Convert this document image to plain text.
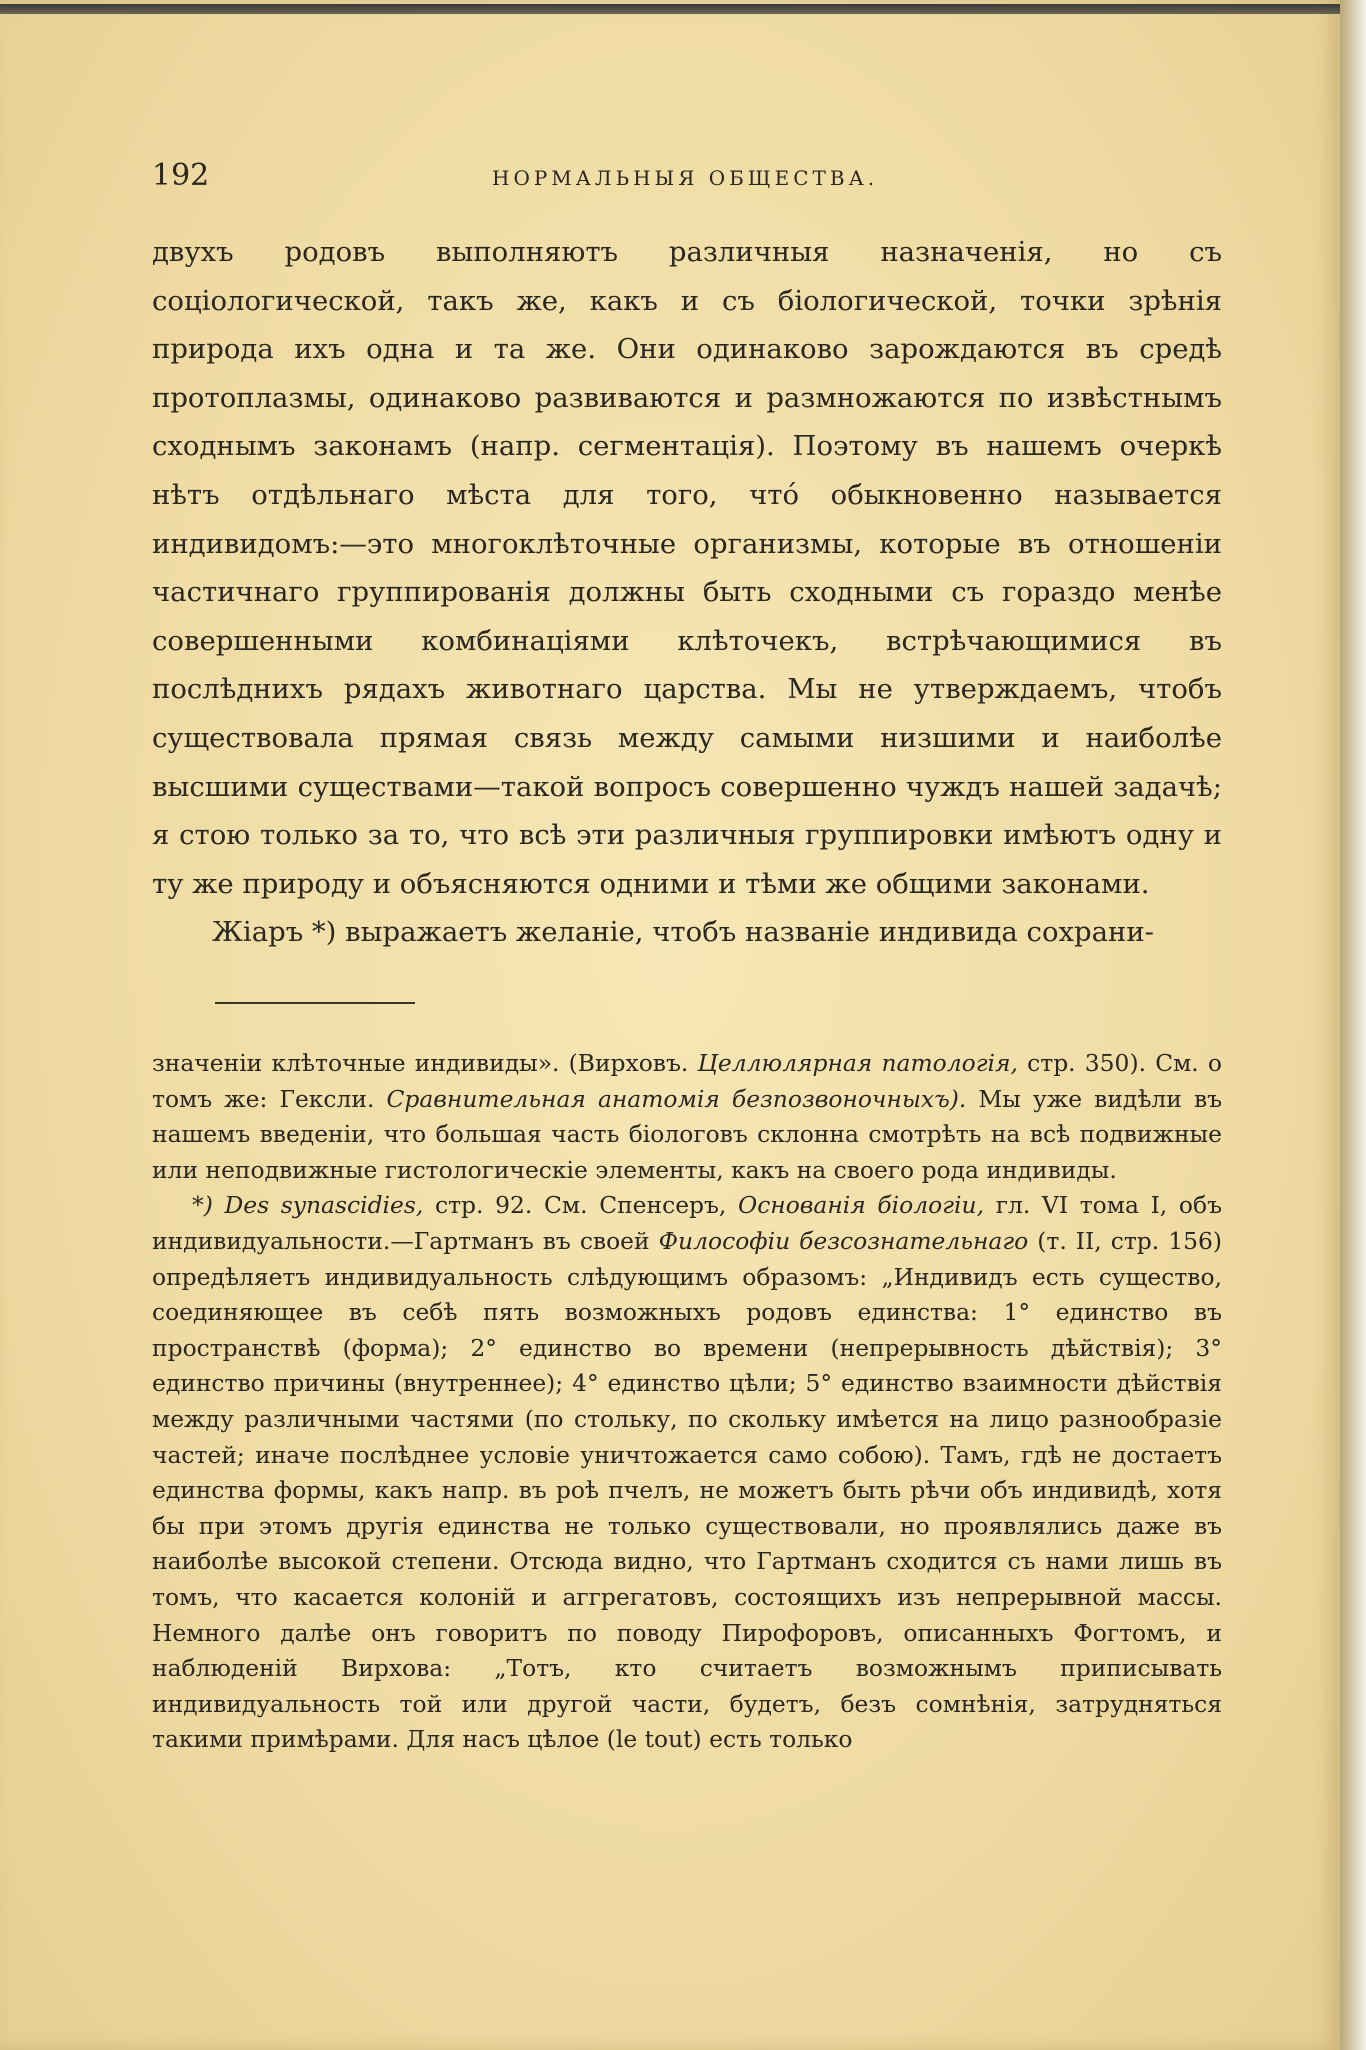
192	НОРМАЛЬНЫЯ ОБЩЕСТВА.

двухъ родовъ выполняютъ различныя назначенія, но съ соціологической, такъ же, какъ и съ біологической, точки зрѣнія природа ихъ одна и та же. Они одинаково зарождаются въ средѣ протоплазмы, одинаково развиваются и размножаются по извѣстнымъ сходнымъ законамъ (напр. сегментація). Поэтому въ нашемъ очеркѣ нѣтъ отдѣльнаго мѣста для того, что́ обыкновенно называется индивидомъ:—это многоклѣточные организмы, которые въ отношеніи частичнаго группированія должны быть сходными съ гораздо менѣе совершенными комбинаціями клѣточекъ, встрѣчающимися въ послѣднихъ рядахъ животнаго царства. Мы не утверждаемъ, чтобъ существовала прямая связь между самыми низшими и наиболѣе высшими существами—такой вопросъ совершенно чуждъ нашей задачѣ; я стою только за то, что всѣ эти различныя группировки имѣютъ одну и ту же природу и объясняются одними и тѣми же общими законами.

Жіаръ *) выражаетъ желаніе, чтобъ названіе индивида сохрани-

значеніи клѣточные индивиды». (Вирховъ. Целлюлярная патологія, стр. 350). См. о томъ же: Гексли. Сравнительная анатомія безпозвоночныхъ). Мы уже видѣли въ нашемъ введеніи, что большая часть біологовъ склонна смотрѣть на всѣ подвижные или неподвижные гистологическіе элементы, какъ на своего рода индивиды.

*) Des synascidies, стр. 92. См. Спенсеръ, Основанія біологіи, гл. VI тома I, объ индивидуальности.—Гартманъ въ своей Философіи безсознательнаго (т. II, стр. 156) опредѣляетъ индивидуальность слѣдующимъ образомъ: „Индивидъ есть существо, соединяющее въ себѣ пять возможныхъ родовъ единства: 1° единство въ пространствѣ (форма); 2° единство во времени (непрерывность дѣйствія); 3° единство причины (внутреннее); 4° единство цѣли; 5° единство взаимности дѣйствія между различными частями (по стольку, по скольку имѣется на лицо разнообразіе частей; иначе послѣднее условіе уничтожается само собою). Тамъ, гдѣ не достаетъ единства формы, какъ напр. въ роѣ пчелъ, не можетъ быть рѣчи объ индивидѣ, хотя бы при этомъ другія единства не только существовали, но проявлялись даже въ наиболѣе высокой степени. Отсюда видно, что Гартманъ сходится съ нами лишь въ томъ, что касается колоній и аггрегатовъ, состоящихъ изъ непрерывной массы. Немного далѣе онъ говоритъ по поводу Пирофоровъ, описанныхъ Фогтомъ, и наблюденій Вирхова: „Тотъ, кто считаетъ возможнымъ приписывать индивидуальность той или другой части, будетъ, безъ сомнѣнія, затрудняться такими примѣрами. Для насъ цѣлое (le tout) есть только
